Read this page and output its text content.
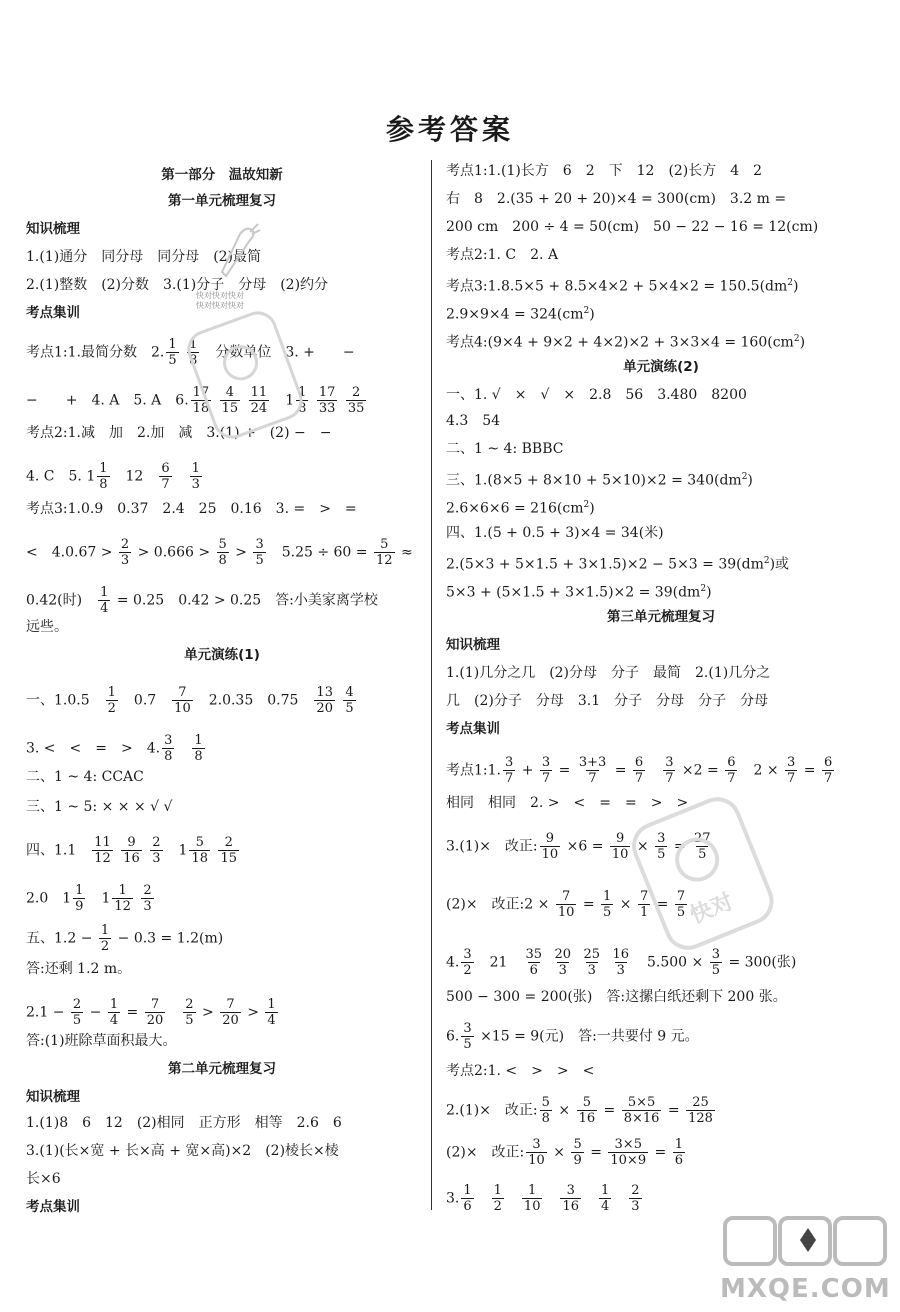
参考答案
第一部分　温故知新
第一单元梳理复习
知识梳理
1.(1)通分　同分母　同分母　(2)最简
2.(1)整数　(2)分数　3.(1)分子　分母　(2)约分
考点集训
考点1:1.最简分数　2. $\frac{1}{5}$
$\frac{1}{8}$ 　分数单位　3. +　　−
−　　+　4. A　5. A　6. $\frac{17}{18}$
$\frac{4}{15}$
$\frac{11}{24}$ 　$1 \frac{1}{8}$
$\frac{17}{33}$
$\frac{2}{35}$
考点2:1.减　加　2.加　减　3.(1) +　(2) −　−
4. C　5. $1 \frac{1}{8}$ 　12　 $\frac{6}{7}$
　 $\frac{1}{3}$
考点3:1.0.9　0.37　2.4　25　0.16　3. =　>　=
<　$4.0.67 > \frac{2}{3} > 0.666 > \frac{5}{8} > \frac{3}{5}$ 　$5.25 \div 60 = \frac{5}{12}$ ≈
0.42(时)　 $\frac{1}{4} = 0.25$　0.42 > 0.25　答:小美家离学校
远些。
单元演练(1)
一、1.0.5　 $\frac{1}{2}$ 　0.7　 $\frac{7}{10}$ 　2.0.35　0.75　 $\frac{13}{20}$
$\frac{4}{5}$
3. <　<　=　>　4. $\frac{3}{8}$
　 $\frac{1}{8}$
二、1 ~ 4: CCAC
三、1 ~ 5: × × × √ √
四、1.1　 $\frac{11}{12}$
$\frac{9}{16}$
$\frac{2}{3}$ 　$1 \frac{5}{18}$
$\frac{2}{15}$
2.0　$1 \frac{1}{9}$ 　$1 \frac{1}{12}$
$\frac{2}{3}$
五、$1.2 - \frac{1}{2} - 0.3 = 1.2(m)$
答:还剩 1.2 m。
$2.1 - \frac{2}{5} - \frac{1}{4} = \frac{7}{20}$
　 $\frac{2}{5} > \frac{7}{20} > \frac{1}{4}$
答:(1)班除草面积最大。
第二单元梳理复习
知识梳理
1.(1)8　6　12　(2)相同　正方形　相等　2.6　6
3.(1)(长×宽 + 长×高 + 宽×高)×2　(2)棱长×棱
长×6
考点集训
考点1:1.(1)长方　6　2　下　12　(2)长方　4　2
右　8　2.(35 + 20 + 20)×4 = 300(cm)　3.2 m =
200 cm　200 ÷ 4 = 50(cm)　50 − 22 − 16 = 12(cm)
考点2:1. C　2. A
考点3:1.8.5×5 + $8.5\times 4\times 2 + 5\times 4\times 2 = 150.5(dm^2)$
$2.9\times 9\times 4 = 324(cm^2)$
考点4:(9×4 + $9\times 2 + 4\times 2)\times 2 + 3\times 3\times 4 = 160(cm^2)$
单元演练(2)
一、1. √　×　√　×　2.8　56　3.480　8200
4.3　54
二、1 ~ 4: BBBC
三、$1.(8\times 5 + 8\times 10 + 5\times 10)\times 2 = 340(dm^2)$
$2.6\times 6\times 6 = 216(cm^2)$
四、1.(5 + 0.5 + 3)×4 = 34(米)
$2.(5\times 3 + 5\times 1.5 + 3\times 1.5)\times 2 - 5\times 3 = 39(dm^2)$或
$5\times 3 + (5\times 1.5 + 3\times 1.5)\times 2 = 39(dm^2)$
第三单元梳理复习
知识梳理
1.(1)几分之几　(2)分母　分子　最简　2.(1)几分之
几　(2)分子　分母　3.1　分子　分母　分子　分母
考点集训
考点1:1. $\frac{3}{7} + \frac{3}{7} = \frac{3+3}{7} = \frac{6}{7}$
　 $\frac{3}{7} \times 2 = \frac{6}{7}$ 　$2 \times \frac{3}{7} = \frac{6}{7}$
相同　相同　2. >　<　=　=　>　>
3.(1)×　改正: $\frac{9}{10} \times 6 = \frac{9}{10} \times \frac{3}{5} = \frac{27}{5}$
(2)×　改正:2 × $\frac{7}{10} = \frac{1}{5} \times \frac{7}{1} = \frac{7}{5}$
4. $\frac{3}{2}$ 　21　 $\frac{35}{6}$
$\frac{20}{3}$
$\frac{25}{3}$
$\frac{16}{3}$ 　$5.500 \times \frac{3}{5} = 300$(张)
500 − 300 = 200(张)　答:这摞白纸还剩下 200 张。
6. $\frac{3}{5} \times 15 = 9$(元)　答:一共要付 9 元。
考点2:1. <　>　>　<
2.(1)×　改正: $\frac{5}{8} \times \frac{5}{16} = \frac{5\times 5}{8\times 16} = \frac{25}{128}$
(2)×　改正: $\frac{3}{10} \times \frac{5}{9} = \frac{3\times 5}{10\times 9} = \frac{1}{6}$
3. $\frac{1}{6}$
　 $\frac{1}{2}$
　 $\frac{1}{10}$
　 $\frac{3}{16}$
　 $\frac{1}{4}$
　 $\frac{2}{3}$
快对快对快对
快对快对快对
快对
MXQE.COM
